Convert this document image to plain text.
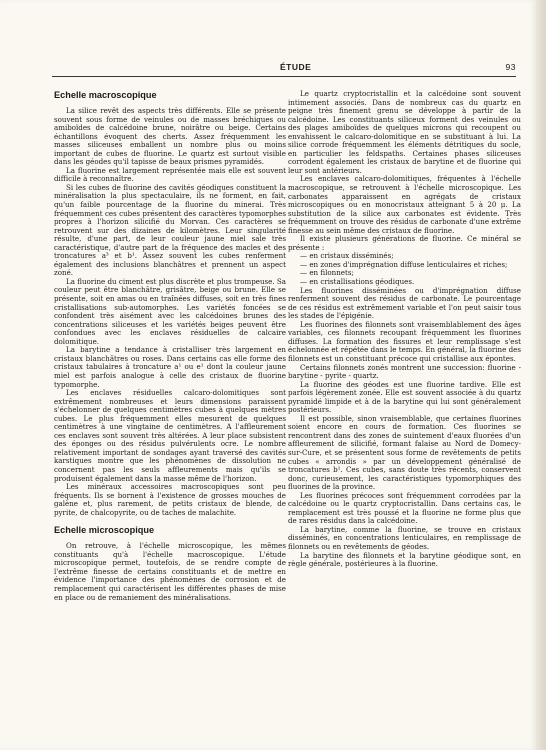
ÉTUDE	93
Echelle macroscopique

La silice revêt des aspects très différents. Elle se présente souvent sous forme de veinules ou de masses bréchiques ou amiboïdes de calcédoine brune, noirâtre ou beige. Certains échantillons évoquent des cherts. Assez fréquemment les masses siliceuses emballent un nombre plus ou moins important de cubes de fluorine. Le quartz est surtout visible dans les géodes qu'il tapisse de beaux prismes pyramidés.

La fluorine est largement représentée mais elle est souvent difficile à reconnaître.

Si les cubes de fluorine des cavités géodiques constituent la minéralisation la plus spectaculaire, ils ne forment, en fait, qu'un faible pourcentage de la fluorine du minerai. Très fréquemment ces cubes présentent des caractères typomorphes propres à l'horizon silicifié du Morvan. Ces caractères se retrouvent sur des dizaines de kilomètres. Leur singularité résulte, d'une part, de leur couleur jaune miel sale très caractéristique, d'autre part de la fréquence des macles et des troncatures a³ et b¹. Assez souvent les cubes renferment également des inclusions blanchâtres et prennent un aspect zoné.

La fluorine du ciment est plus discrète et plus trompeuse. Sa couleur peut être blanchâtre, grisâtre, beige ou brune. Elle se présente, soit en amas ou en traînées diffuses, soit en très fines cristallisations sub-automorphes. Les variétés foncées se confondent très aisément avec les calcédoines brunes des concentrations siliceuses et les variétés beiges peuvent être confondues avec les enclaves résiduelles de calcaire dolomitique.

La barytine a tendance à cristalliser très largement en cristaux blanchâtres ou roses. Dans certains cas elle forme des cristaux tabulaires à troncature a¹ ou e¹ dont la couleur jaune miel est parfois analogue à celle des cristaux de fluorine typomorphe.

Les enclaves résiduelles calcaro-dolomitiques sont extrêmement nombreuses et leurs dimensions paraissent s'échelonner de quelques centimètres cubes à quelques mètres cubes. Le plus fréquemment elles mesurent de quelques centimètres à une vingtaine de centimètres. A l'affleurement ces enclaves sont souvent très altérées. A leur place subsistent des éponges ou des résidus pulvérulents ocre. Le nombre relativement important de sondages ayant traversé des cavités karstiques montre que les phénomènes de dissolution ne concernent pas les seuls affleurements mais qu'ils se produisent également dans la masse même de l'horizon.

Les minéraux accessoires macroscopiques sont peu fréquents. Ils se bornent à l'existence de grosses mouches de galène et, plus rarement, de petits cristaux de blende, de pyrite, de chalcopyrite, ou de taches de malachite.

Echelle microscopique

On retrouve, à l'échelle microscopique, les mêmes constituants qu'à l'échelle macroscopique. L'étude microscopique permet, toutefois, de se rendre compte de l'extrême finesse de certains constituants et de mettre en évidence l'importance des phénomènes de corrosion et de remplacement qui caractérisent les différentes phases de mise en place ou de remaniement des minéralisations.

Le quartz cryptocristallin et la calcédoine sont souvent intimement associés. Dans de nombreux cas du quartz en peigne très finement grenu se développe à partir de la calcédoine. Les constituants siliceux forment des veinules ou des plages amiboïdes de quelques microns qui recoupent ou envahissent le calcaro-dolomitique en se substituant à lui. La silice corrode fréquemment les éléments détritiques du socle, en particulier les feldspaths. Certaines phases siliceuses corrodent également les cristaux de barytine et de fluorine qui leur sont antérieurs.

Les enclaves calcaro-dolomitiques, fréquentes à l'échelle macroscopique, se retrouvent à l'échelle microscopique. Les carbonates apparaissent en agrégats de cristaux microscopiques ou en monocristaux atteignant 5 à 20 μ. La substitution de la silice aux carbonates est évidente. Très fréquemment on trouve des résidus de carbonate d'une extrême finesse au sein même des cristaux de fluorine.

Il existe plusieurs générations de fluorine. Ce minéral se présente :

— en cristaux disséminés;
— en zones d'imprégnation diffuse lenticulaires et riches;
— en filonnets;
— en cristallisations géodiques.

Les fluorines disséminées ou d'imprégnation diffuse renferment souvent des résidus de carbonate. Le pourcentage de ces résidus est extrêmement variable et l'on peut saisir tous les stades de l'épigénie.

Les fluorines des filonnets sont vraisemblablement des âges variables, ces filonnets recoupant fréquemment les fluorines diffuses. La formation des fissures et leur remplissage s'est échelonnée et répétée dans le temps. En général, la fluorine des filonnets est un constituant précoce qui cristallise aux épontes.

Certains filonnets zonés montrent une succession: fluorine - barytine - pyrite - quartz.

La fluorine des géodes est une fluorine tardive. Elle est parfois légèrement zonée. Elle est souvent associée à du quartz pyramidé limpide et à de la barytine qui lui sont généralement postérieurs.

Il est possible, sinon vraisemblable, que certaines fluorines soient encore en cours de formation. Ces fluorines se rencontrent dans des zones de suintement d'eaux fluorées d'un affleurement de silicifié, formant falaise au Nord de Domecy-sur-Cure, et se présentent sous forme de revêtements de petits cubes « arrondis » par un développement généralisé de troncatures b¹. Ces cubes, sans doute très récents, conservent donc, curieusement, les caractéristiques typomorphiques des fluorines de la province.

Les fluorines précoces sont fréquemment corrodées par la calcédoine ou le quartz cryptocristallin. Dans certains cas, le remplacement est très poussé et la fluorine ne forme plus que de rares résidus dans la calcédoine.

La barytine, comme la fluorine, se trouve en cristaux disséminés, en concentrations lenticulaires, en remplissage de filonnets ou en revêtements de géodes.

La barytine des filonnets et la barytine géodique sont, en règle générale, postérieures à la fluorine.
